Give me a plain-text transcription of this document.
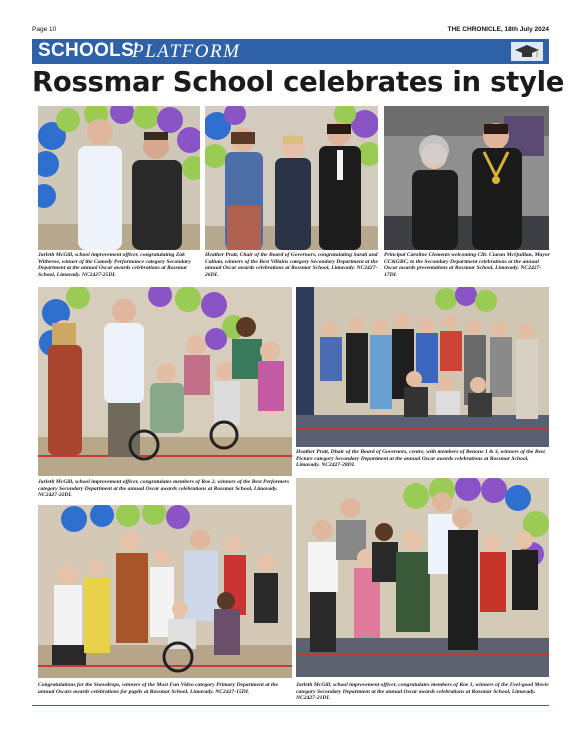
Page 10	THE CHRONICLE, 18th July 2024
SCHOOLS'
PLATFORM
Rossmar School celebrates in style
Jarleth McGill, school improvement officer, congratulating Zak Witheroe, winner of the Comedy Performance category Secondary Department at the annual Oscar awards celebrations at Rossmar School, Limavady. NC2427-25DL
Heather Pratt, Chair of the Board of Governors, congratulating Sarah and Callum, winners of the Best Villains category Secondary Department at the annual Oscar awards celebrations at Rossmar School, Limavady. NC2427-26DL
Principal Caroline Clements welcoming Cllr. Ciaran McQuillan, Mayor CC&GBC, to the Secondary Department celebrations at the annual Oscar awards presentations at Rossmar School, Limavady. NC2427-17DL
Jarleth McGill, school improvement officer, congratulates members of Roe 2, winners of the Best Performers category Secondary Department at the annual Oscar awards celebrations at Rossmar School, Limavady. NC2427-22DL
Heather Pratt, Dhair of the Board of Governors, centre, with members of Benone 1 & 3, winners of the Best Picture category Secondary Department at the annual Oscar awards celebrations at Rossmar School, Limavady. NC2427-28DL
Congratulations for the Snowdrops, winners of the Most Fun Video category Primary Department at the annual Oscars awards celebrations for pupils at Rossmar School, Limavady. NC2427-15DL
Jarleth McGill, school improvement officer, congratulates members of Roe 1, winners of the Feel-good Movie category Secondary Department at the annual Oscar awards celebrations at Rossmar School, Limavady. NC2427-21DL
